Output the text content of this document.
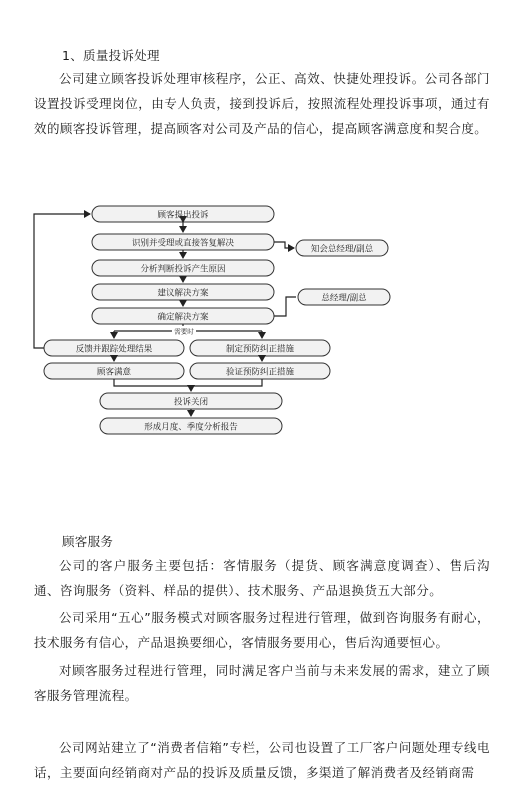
1、质量投诉处理
公司建立顾客投诉处理审核程序，公正、高效、快捷处理投诉。公司各部门设置投诉受理岗位，由专人负责，接到投诉后，按照流程处理投诉事项，通过有效的顾客投诉管理，提高顾客对公司及产品的信心，提高顾客满意度和契合度。
顾客提出投诉
识别并受理或直接答复解决
分析判断投诉产生原因
建议解决方案
确定解决方案
反馈并跟踪处理结果
顾客满意
制定预防纠正措施
验证预防纠正措施
投诉关闭
形成月度、季度分析报告
知会总经理/副总
总经理/副总
需要时
顾客服务
公司的客户服务主要包括：客情服务（提货、顾客满意度调查）、售后沟通、咨询服务（资料、样品的提供）、技术服务、产品退换货五大部分。
公司采用“五心”服务模式对顾客服务过程进行管理，做到咨询服务有耐心，技术服务有信心，产品退换要细心，客情服务要用心，售后沟通要恒心。
对顾客服务过程进行管理，同时满足客户当前与未来发展的需求，建立了顾客服务管理流程。
公司网站建立了“消费者信箱”专栏，公司也设置了工厂客户问题处理专线电话，主要面向经销商对产品的投诉及质量反馈，多渠道了解消费者及经销商需
